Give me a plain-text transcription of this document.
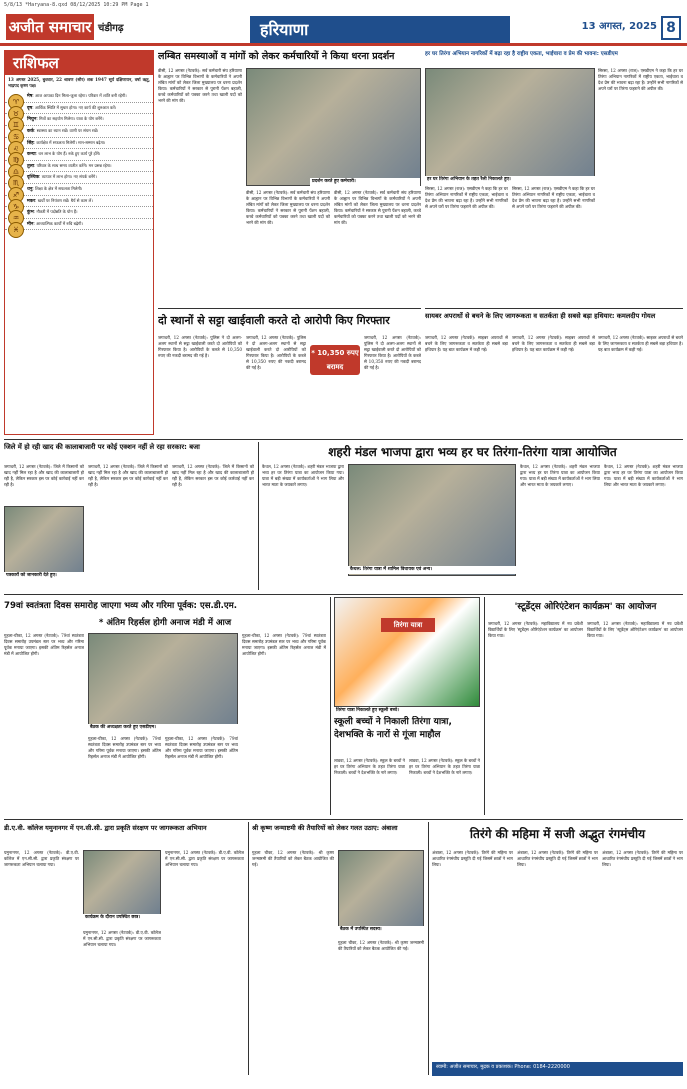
5/8/13 *Haryana-8.qxd 08/12/2025 10:29 PM Page 1
अजीत समाचार चंडीगढ़	हरियाणा	13 अगस्त, 2025 8
राशिफल
13 अगस्त 2025, बुधवार, 22 श्रावण (सौर) शक 1947 सूर्य दक्षिणायन, वर्षा ऋतु, भाद्रपद कृष्ण पक्ष।
♈
मेष: आज आपका दिन मिला-जुला रहेगा। परिवार में शांति बनी रहेगी।
♉
वृष: आर्थिक स्थिति में सुधार होगा। नए कार्य की शुरुआत करें।
♊
मिथुन: मित्रों का सहयोग मिलेगा। यात्रा के योग बनेंगे।
♋
कर्क: स्वास्थ्य का ध्यान रखें। वाणी पर संयम रखें।
♌
सिंह: कार्यक्षेत्र में सफलता मिलेगी। मान-सम्मान बढ़ेगा।
♍
कन्या: धन लाभ के योग हैं। रुके हुए कार्य पूरे होंगे।
♎
तुला: परिवार के साथ समय व्यतीत करेंगे। मन प्रसन्न रहेगा।
♏
वृश्चिक: व्यापार में लाभ होगा। नए संपर्क बनेंगे।
♐
धनु: शिक्षा के क्षेत्र में सफलता मिलेगी।
♑
मकर: खर्चों पर नियंत्रण रखें। धैर्य से काम लें।
♒
कुंभ: नौकरी में पदोन्नति के योग हैं।
♓
मीन: आध्यात्मिक कार्यों में रुचि बढ़ेगी।
लम्बित समस्याओं व मांगों को लेकर कर्मचारियों ने किया धरना प्रदर्शन
डीसी, 12 अगस्त (नेटवर्क): सर्व कर्मचारी संघ हरियाणा के आह्वान पर विभिन्न विभागों के कर्मचारियों ने अपनी लंबित मांगों को लेकर जिला मुख्यालय पर धरना प्रदर्शन किया। कर्मचारियों ने सरकार से पुरानी पेंशन बहाली, कच्चे कर्मचारियों को पक्का करने तथा खाली पदों को भरने की मांग की।
प्रदर्शन करते हुए कर्मचारी।
डीसी, 12 अगस्त (नेटवर्क): सर्व कर्मचारी संघ हरियाणा के आह्वान पर विभिन्न विभागों के कर्मचारियों ने अपनी लंबित मांगों को लेकर जिला मुख्यालय पर धरना प्रदर्शन किया। कर्मचारियों ने सरकार से पुरानी पेंशन बहाली, कच्चे कर्मचारियों को पक्का करने तथा खाली पदों को भरने की मांग की।
डीसी, 12 अगस्त (नेटवर्क): सर्व कर्मचारी संघ हरियाणा के आह्वान पर विभिन्न विभागों के कर्मचारियों ने अपनी लंबित मांगों को लेकर जिला मुख्यालय पर धरना प्रदर्शन किया। कर्मचारियों ने सरकार से पुरानी पेंशन बहाली, कच्चे कर्मचारियों को पक्का करने तथा खाली पदों को भरने की मांग की।
हर घर तिरंगा अभियान नागरिकों में बढ़ा रहा है राष्ट्रीय एकता, भाईचारा व प्रेम की भावना: एसडीएम
हर घर तिरंगा अभियान के तहत रैली निकालते हुए।
सिरसा, 12 अगस्त (राज): एसडीएम ने कहा कि हर घर तिरंगा अभियान नागरिकों में राष्ट्रीय एकता, भाईचारा व देश प्रेम की भावना बढ़ा रहा है। उन्होंने सभी नागरिकों से अपने घरों पर तिरंगा फहराने की अपील की।
सिरसा, 12 अगस्त (राज): एसडीएम ने कहा कि हर घर तिरंगा अभियान नागरिकों में राष्ट्रीय एकता, भाईचारा व देश प्रेम की भावना बढ़ा रहा है। उन्होंने सभी नागरिकों से अपने घरों पर तिरंगा फहराने की अपील की।
सिरसा, 12 अगस्त (राज): एसडीएम ने कहा कि हर घर तिरंगा अभियान नागरिकों में राष्ट्रीय एकता, भाईचारा व देश प्रेम की भावना बढ़ा रहा है। उन्होंने सभी नागरिकों से अपने घरों पर तिरंगा फहराने की अपील की।
दो स्थानों से सट्टा खाईवाली करते दो आरोपी किए गिरफ्तार
जगाधरी, 12 अगस्त (नेटवर्क): पुलिस ने दो अलग-अलग स्थानों से सट्टा खाईवाली करते दो आरोपियों को गिरफ्तार किया है। आरोपियों के कब्जे से 10,350 रुपए की नकदी बरामद की गई है।
जगाधरी, 12 अगस्त (नेटवर्क): पुलिस ने दो अलग-अलग स्थानों से सट्टा खाईवाली करते दो आरोपियों को गिरफ्तार किया है। आरोपियों के कब्जे से 10,350 रुपए की नकदी बरामद की गई है।
* 10,350 रुपए बरामद
जगाधरी, 12 अगस्त (नेटवर्क): पुलिस ने दो अलग-अलग स्थानों से सट्टा खाईवाली करते दो आरोपियों को गिरफ्तार किया है। आरोपियों के कब्जे से 10,350 रुपए की नकदी बरामद की गई है।
सायबर अपराधों से बचने के लिए जागरूकता व सतर्कता ही सबसे बड़ा हथियार: कमलदीप गोयल
जगाधरी, 12 अगस्त (नेटवर्क): साइबर अपराधों से बचने के लिए जागरूकता व सतर्कता ही सबसे बड़ा हथियार है। यह बात कार्यक्रम में कही गई।
जगाधरी, 12 अगस्त (नेटवर्क): साइबर अपराधों से बचने के लिए जागरूकता व सतर्कता ही सबसे बड़ा हथियार है। यह बात कार्यक्रम में कही गई।
जगाधरी, 12 अगस्त (नेटवर्क): साइबर अपराधों से बचने के लिए जागरूकता व सतर्कता ही सबसे बड़ा हथियार है। यह बात कार्यक्रम में कही गई।
जिले में हो रही खाद की कालाबाजारी पर कोई एक्शन नहीं ले रहा सरकार: बजा
जगाधरी, 12 अगस्त (नेटवर्क): जिले में किसानों को खाद नहीं मिल रहा है और खाद की कालाबाजारी हो रही है, लेकिन सरकार इस पर कोई कार्रवाई नहीं कर रही है।
पत्रकारों को जानकारी देते हुए।
जगाधरी, 12 अगस्त (नेटवर्क): जिले में किसानों को खाद नहीं मिल रहा है और खाद की कालाबाजारी हो रही है, लेकिन सरकार इस पर कोई कार्रवाई नहीं कर रही है।
जगाधरी, 12 अगस्त (नेटवर्क): जिले में किसानों को खाद नहीं मिल रहा है और खाद की कालाबाजारी हो रही है, लेकिन सरकार इस पर कोई कार्रवाई नहीं कर रही है।
शहरी मंडल भाजपा द्वारा भव्य हर घर तिरंगा-तिरंगा यात्रा आयोजित
कैथल, 12 अगस्त (नेटवर्क): शहरी मंडल भाजपा द्वारा भव्य हर घर तिरंगा यात्रा का आयोजन किया गया। यात्रा में बड़ी संख्या में कार्यकर्ताओं ने भाग लिया और भारत माता के जयकारे लगाए।
कैथल: तिरंगा यात्रा में शामिल विधायक एवं अन्य।
कैथल, 12 अगस्त (नेटवर्क): शहरी मंडल भाजपा द्वारा भव्य हर घर तिरंगा यात्रा का आयोजन किया गया। यात्रा में बड़ी संख्या में कार्यकर्ताओं ने भाग लिया और भारत माता के जयकारे लगाए।
कैथल, 12 अगस्त (नेटवर्क): शहरी मंडल भाजपा द्वारा भव्य हर घर तिरंगा यात्रा का आयोजन किया गया। यात्रा में बड़ी संख्या में कार्यकर्ताओं ने भाग लिया और भारत माता के जयकारे लगाए।
79वां स्वतंत्रता दिवस समारोह जाएगा भव्य और गरिमा पूर्वक: एस.डी.एम.
* अंतिम रिहर्सल होगी अनाज मंडी में आज
गुहला-चीका, 12 अगस्त (नेटवर्क): 79वां स्वतंत्रता दिवस समारोह उपमंडल स्तर पर भव्य और गरिमा पूर्वक मनाया जाएगा। इसकी अंतिम रिहर्सल अनाज मंडी में आयोजित होगी।
बैठक की अध्यक्षता करते हुए एसडीएम।
गुहला-चीका, 12 अगस्त (नेटवर्क): 79वां स्वतंत्रता दिवस समारोह उपमंडल स्तर पर भव्य और गरिमा पूर्वक मनाया जाएगा। इसकी अंतिम रिहर्सल अनाज मंडी में आयोजित होगी।
गुहला-चीका, 12 अगस्त (नेटवर्क): 79वां स्वतंत्रता दिवस समारोह उपमंडल स्तर पर भव्य और गरिमा पूर्वक मनाया जाएगा। इसकी अंतिम रिहर्सल अनाज मंडी में आयोजित होगी।
गुहला-चीका, 12 अगस्त (नेटवर्क): 79वां स्वतंत्रता दिवस समारोह उपमंडल स्तर पर भव्य और गरिमा पूर्वक मनाया जाएगा। इसकी अंतिम रिहर्सल अनाज मंडी में आयोजित होगी।
तिरंगा यात्रा
तिरंगा यात्रा निकालते हुए स्कूली बच्चे।
स्कूली बच्चों ने निकाली तिरंगा यात्रा, देशभक्ति के नारों से गूंजा माहौल
लाडवा, 12 अगस्त (नेटवर्क): स्कूल के बच्चों ने हर घर तिरंगा अभियान के तहत तिरंगा यात्रा निकाली। बच्चों ने देशभक्ति के नारे लगाए।
लाडवा, 12 अगस्त (नेटवर्क): स्कूल के बच्चों ने हर घर तिरंगा अभियान के तहत तिरंगा यात्रा निकाली। बच्चों ने देशभक्ति के नारे लगाए।
'स्टूडेंट्स ओरिएंटेशन कार्यक्रम' का आयोजन
जगाधरी, 12 अगस्त (नेटवर्क): महाविद्यालय में नव प्रवेशी विद्यार्थियों के लिए 'स्टूडेंट्स ओरिएंटेशन कार्यक्रम' का आयोजन किया गया।
जगाधरी, 12 अगस्त (नेटवर्क): महाविद्यालय में नव प्रवेशी विद्यार्थियों के लिए 'स्टूडेंट्स ओरिएंटेशन कार्यक्रम' का आयोजन किया गया।
डी.ए.वी. कॉलेज यमुनानगर में एन.सी.सी. द्वारा प्रकृति संरक्षण पर जागरूकता अभियान
यमुनानगर, 12 अगस्त (नेटवर्क): डी.ए.वी. कॉलेज में एन.सी.सी. द्वारा प्रकृति संरक्षण पर जागरूकता अभियान चलाया गया।
कार्यक्रम के दौरान उपस्थित छात्र।
यमुनानगर, 12 अगस्त (नेटवर्क): डी.ए.वी. कॉलेज में एन.सी.सी. द्वारा प्रकृति संरक्षण पर जागरूकता अभियान चलाया गया।
यमुनानगर, 12 अगस्त (नेटवर्क): डी.ए.वी. कॉलेज में एन.सी.सी. द्वारा प्रकृति संरक्षण पर जागरूकता अभियान चलाया गया।
श्री कृष्ण जन्माष्टमी की तैयारियों को लेकर गलत उठाए: अंबाला
गुहला चीका, 12 अगस्त (नेटवर्क): श्री कृष्ण जन्माष्टमी की तैयारियों को लेकर बैठक आयोजित की गई।
बैठक में उपस्थित सदस्य।
गुहला चीका, 12 अगस्त (नेटवर्क): श्री कृष्ण जन्माष्टमी की तैयारियों को लेकर बैठक आयोजित की गई।
तिरंगे की महिमा में सजी अद्भुत रंगमंचीय
अंबाला, 12 अगस्त (नेटवर्क): तिरंगे की महिमा पर आधारित रंगमंचीय प्रस्तुति दी गई जिसमें छात्रों ने भाग लिया।
अंबाला, 12 अगस्त (नेटवर्क): तिरंगे की महिमा पर आधारित रंगमंचीय प्रस्तुति दी गई जिसमें छात्रों ने भाग लिया।
अंबाला, 12 अगस्त (नेटवर्क): तिरंगे की महिमा पर आधारित रंगमंचीय प्रस्तुति दी गई जिसमें छात्रों ने भाग लिया।
स्वामी: अजीत समाचार, मुद्रक व प्रकाशक। Phone: 0184-2220000
